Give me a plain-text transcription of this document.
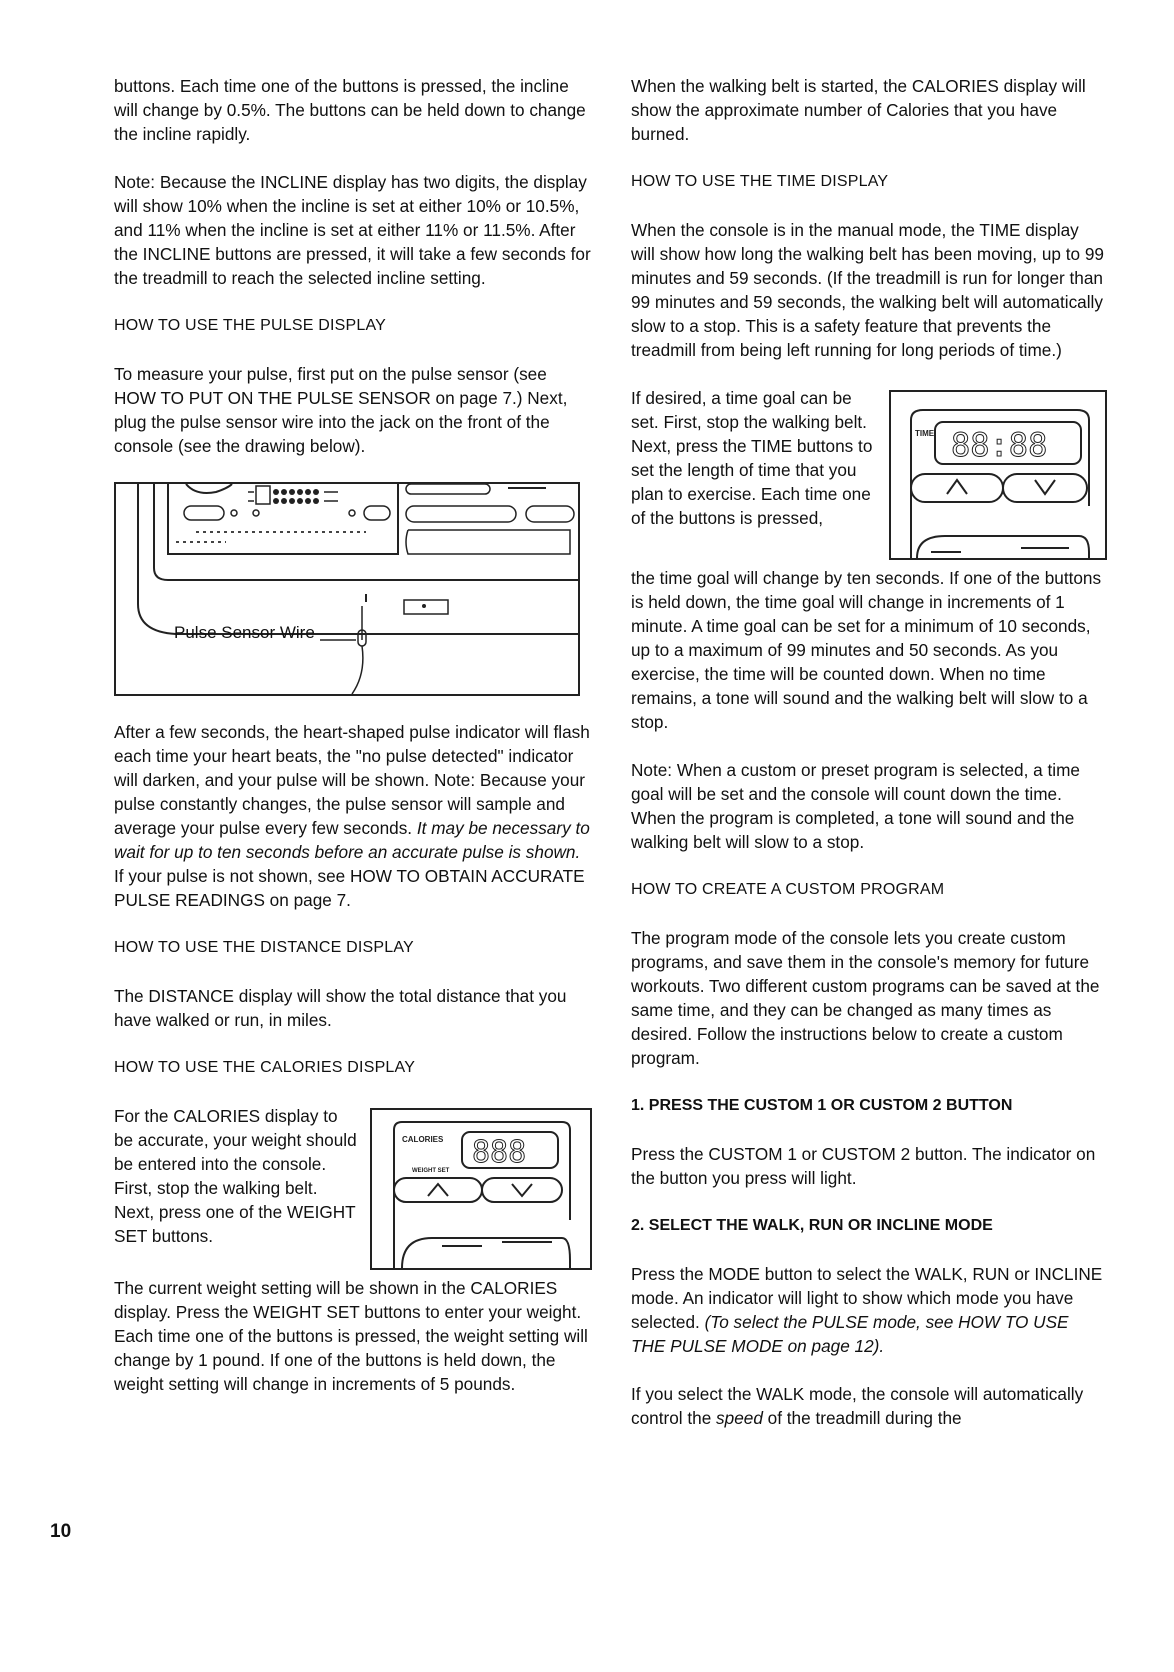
buttons. Each time one of the buttons is pressed, the incline will change by 0.5%. The buttons can be held down to change the incline rapidly.

Note: Because the INCLINE display has two digits, the display will show 10% when the incline is set at either 10% or 10.5%, and 11% when the incline is set at either 11% or 11.5%. After the INCLINE buttons are pressed, it will take a few seconds for the treadmill to reach the selected incline setting.

HOW TO USE THE PULSE DISPLAY

To measure your pulse, first put on the pulse sensor (see HOW TO PUT ON THE PULSE SENSOR on page 7.) Next, plug the pulse sensor wire into the jack on the front of the console (see the drawing below).

Pulse Sensor Wire

After a few seconds, the heart-shaped pulse indicator will flash each time your heart beats, the "no pulse detected" indicator will darken, and your pulse will be shown. Note: Because your pulse constantly changes, the pulse sensor will sample and average your pulse every few seconds. It may be necessary to wait for up to ten seconds before an accurate pulse is shown. If your pulse is not shown, see HOW TO OBTAIN ACCURATE PULSE READINGS on page 7.

HOW TO USE THE DISTANCE DISPLAY

The DISTANCE display will show the total distance that you have walked or run, in miles.

HOW TO USE THE CALORIES DISPLAY
CALORIES 888
WEIGHT SET

For the CALORIES display to be accurate, your weight should be entered into the console. First, stop the walking belt. Next, press one of the WEIGHT SET buttons.

The current weight setting will be shown in the CALORIES display. Press the WEIGHT SET buttons to enter your weight. Each time one of the buttons is pressed, the weight setting will change by 1 pound. If one of the buttons is held down, the weight setting will change in increments of 5 pounds.

When the walking belt is started, the CALORIES display will show the approximate number of Calories that you have burned.

HOW TO USE THE TIME DISPLAY

When the console is in the manual mode, the TIME display will show how long the walking belt has been moving, up to 99 minutes and 59 seconds. (If the treadmill is run for longer than 99 minutes and 59 seconds, the walking belt will automatically slow to a stop. This is a safety feature that prevents the treadmill from being left running for long periods of time.)

TIME 88:88

If desired, a time goal can be set. First, stop the walking belt. Next, press the TIME buttons to set the length of time that you plan to exercise. Each time one of the buttons is pressed,

the time goal will change by ten seconds. If one of the buttons is held down, the time goal will change in increments of 1 minute. A time goal can be set for a minimum of 10 seconds, up to a maximum of 99 minutes and 50 seconds. As you exercise, the time will be counted down. When no time remains, a tone will sound and the walking belt will slow to a stop.

Note: When a custom or preset program is selected, a time goal will be set and the console will count down the time. When the program is completed, a tone will sound and the walking belt will slow to a stop.

HOW TO CREATE A CUSTOM PROGRAM

The program mode of the console lets you create custom programs, and save them in the console's memory for future workouts. Two different custom programs can be saved at the same time, and they can be changed as many times as desired. Follow the instructions below to create a custom program.

1. PRESS THE CUSTOM 1 OR CUSTOM 2 BUTTON

Press the CUSTOM 1 or CUSTOM 2 button. The indicator on the button you press will light.

2. SELECT THE WALK, RUN OR INCLINE MODE

Press the MODE button to select the WALK, RUN or INCLINE mode. An indicator will light to show which mode you have selected. (To select the PULSE mode, see HOW TO USE THE PULSE MODE on page 12).

If you select the WALK mode, the console will automatically control the speed of the treadmill during the

10
